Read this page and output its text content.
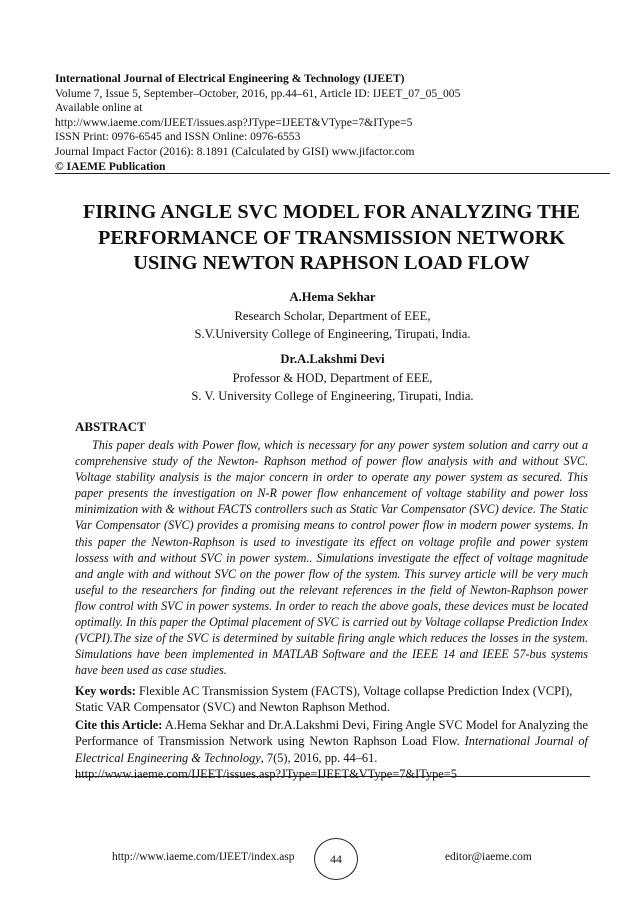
International Journal of Electrical Engineering & Technology (IJEET)
Volume 7, Issue 5, September–October, 2016, pp.44–61, Article ID: IJEET_07_05_005
Available online at
http://www.iaeme.com/IJEET/issues.asp?JType=IJEET&VType=7&IType=5
ISSN Print: 0976-6545 and ISSN Online: 0976-6553
Journal Impact Factor (2016): 8.1891 (Calculated by GISI) www.jifactor.com
© IAEME Publication
FIRING ANGLE SVC MODEL FOR ANALYZING THE
PERFORMANCE OF TRANSMISSION NETWORK
USING NEWTON RAPHSON LOAD FLOW
A.Hema Sekhar
Research Scholar, Department of EEE,
S.V.University College of Engineering, Tirupati, India.
Dr.A.Lakshmi Devi
Professor & HOD, Department of EEE,
S. V. University College of Engineering, Tirupati, India.
ABSTRACT

This paper deals with Power flow, which is necessary for any power system solution and carry out a comprehensive study of the Newton- Raphson method of power flow analysis with and without SVC. Voltage stability analysis is the major concern in order to operate any power system as secured. This paper presents the investigation on N-R power flow enhancement of voltage stability and power loss minimization with & without FACTS controllers such as Static Var Compensator (SVC) device. The Static Var Compensator (SVC) provides a promising means to control power flow in modern power systems. In this paper the Newton-Raphson is used to investigate its effect on voltage profile and power system lossess with and without SVC in power system.. Simulations investigate the effect of voltage magnitude and angle with and without SVC on the power flow of the system. This survey article will be very much useful to the researchers for finding out the relevant references in the field of Newton-Raphson power flow control with SVC in power systems. In order to reach the above goals, these devices must be located optimally. In this paper the Optimal placement of SVC is carried out by Voltage collapse Prediction Index (VCPI).The size of the SVC is determined by suitable firing angle which reduces the losses in the system. Simulations have been implemented in MATLAB Software and the IEEE 14 and IEEE 57-bus systems have been used as case studies.

Key words: Flexible AC Transmission System (FACTS), Voltage collapse Prediction Index (VCPI), Static VAR Compensator (SVC) and Newton Raphson Method.

Cite this Article: A.Hema Sekhar and Dr.A.Lakshmi Devi, Firing Angle SVC Model for Analyzing the Performance of Transmission Network using Newton Raphson Load Flow. International Journal of Electrical Engineering & Technology, 7(5), 2016, pp. 44–61.
http://www.iaeme.com/IJEET/issues.asp?JType=IJEET&VType=7&IType=5

http://www.iaeme.com/IJEET/index.asp	44	editor@iaeme.com
